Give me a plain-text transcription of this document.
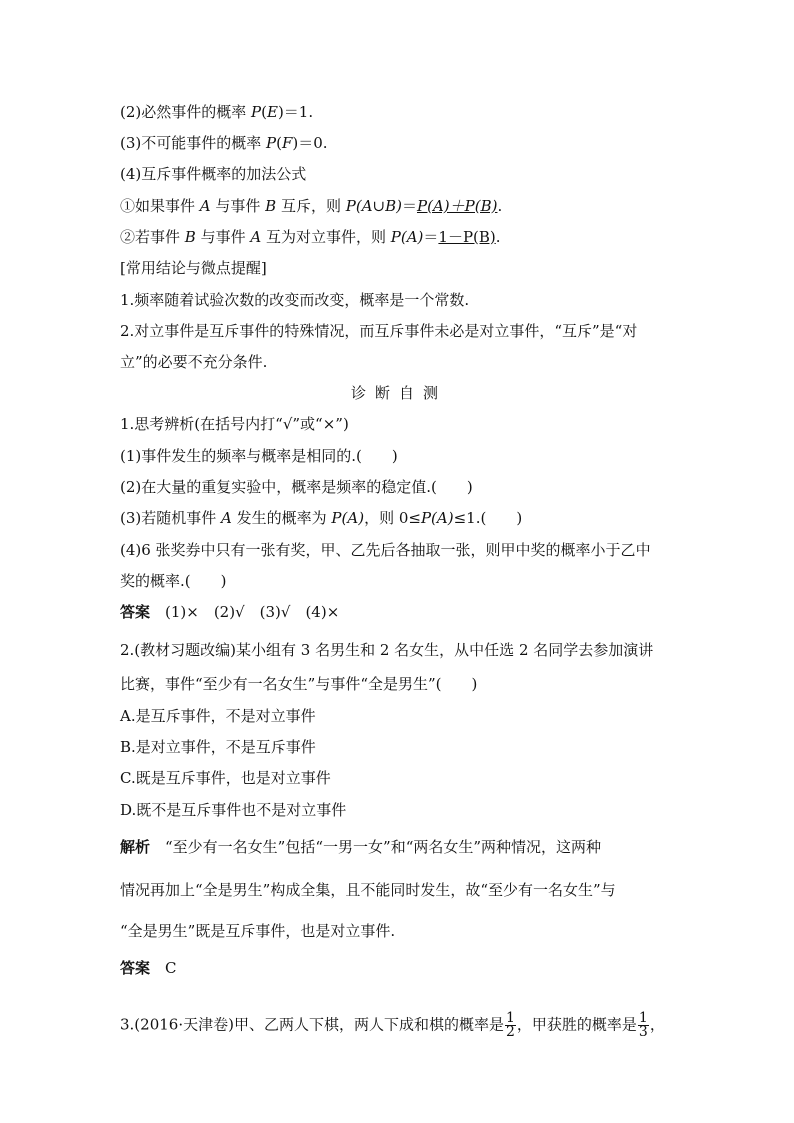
(2)必然事件的概率 P(E)＝1.
(3)不可能事件的概率 P(F)＝0.
(4)互斥事件概率的加法公式
①如果事件 A 与事件 B 互斥，则 P(A∪B)＝P(A)＋P(B).
②若事件 B 与事件 A 互为对立事件，则 P(A)＝1－P(B).
[常用结论与微点提醒]
1.频率随着试验次数的改变而改变，概率是一个常数.
2.对立事件是互斥事件的特殊情况，而互斥事件未必是对立事件，“互斥”是“对
立”的必要不充分条件.
诊断自测
1.思考辨析(在括号内打“√”或“×”)
(1)事件发生的频率与概率是相同的.(　　)
(2)在大量的重复实验中，概率是频率的稳定值.(　　)
(3)若随机事件 A 发生的概率为 P(A)，则 0≤P(A)≤1.(　　)
(4)6 张奖券中只有一张有奖，甲、乙先后各抽取一张，则甲中奖的概率小于乙中
奖的概率.(　　)
答案　(1)×　(2)√　(3)√　(4)×
2.(教材习题改编)某小组有 3 名男生和 2 名女生，从中任选 2 名同学去参加演讲
比赛，事件“至少有一名女生”与事件“全是男生”(　　)
A.是互斥事件，不是对立事件
B.是对立事件，不是互斥事件
C.既是互斥事件，也是对立事件
D.既不是互斥事件也不是对立事件
解析　“至少有一名女生”包括“一男一女”和“两名女生”两种情况，这两种
情况再加上“全是男生”构成全集，且不能同时发生，故“至少有一名女生”与
“全是男生”既是互斥事件，也是对立事件.
答案　C
3.(2016·天津卷)甲、乙两人下棋，两人下成和棋的概率是 $\frac{1}{2}$ ，甲获胜的概率是 $\frac{1}{3}$ ，
